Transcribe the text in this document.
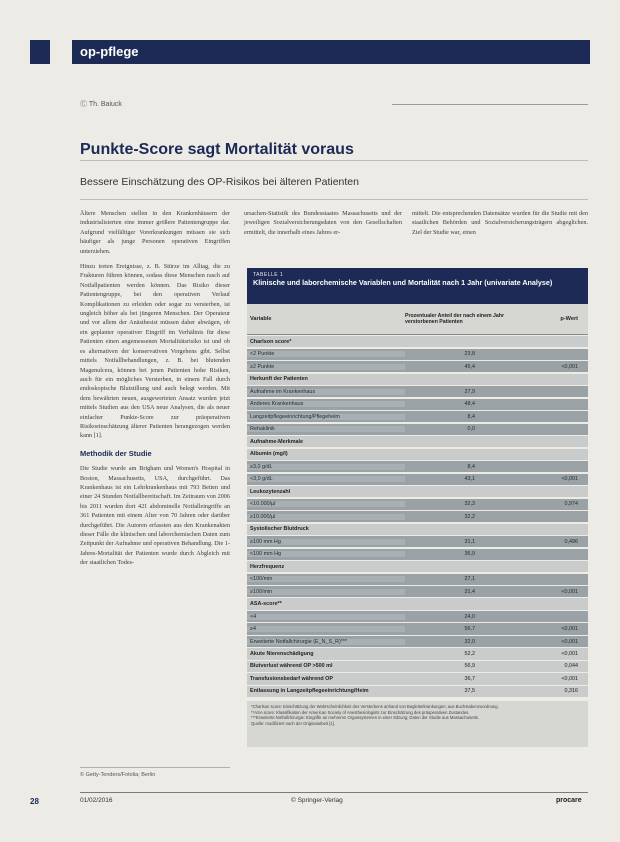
op-pflege
Ⓒ Th. Baiuck
Punkte-Score sagt Mortalität voraus
Bessere Einschätzung des OP-Risikos bei älteren Patienten

Ältere Menschen stellen in den Krankenhäusern der industrialisierten eine immer größere Patientengruppe dar. Aufgrund vielfältiger Vorerkrankungen müssen sie sich häufiger als junge Personen operativen Eingriffen unterziehen.

Hinzu treten Ereignisse, z. B. Stürze im Alltag, die zu Frakturen führen können, sodass diese Menschen rasch auf Notfallpatienten werden können. Das Risiko dieser Patientengruppe, bei den operativen Verlauf Komplikationen zu erleiden oder sogar zu versterben, ist ungleich höher als bei jüngeren Menschen. Der Operateur und vor allem der Anästhesist müssen daher abwägen, ob ein geplanter operativer Eingriff im Verhältnis für diese Patienten einen angemessenen Mortalitätsrisiko ist und ob es alternativen der konservativen Vorgehens gibt. Selbst mittels Notfallbehandlungen, z. B. bei blutenden Magenulcera, können bei jenen Patienten hohe Risiken, auch für ein mögliches Versterben, in einem Fall durch endoskopische Blutstillung und auch belegt werden. Mit dem bewährten neuen, ausgewerteten Ansatz wurden jetzt mittels Studien aus den USA neue Analysen, die als neuer einfacher Punkte-Score zur präoperativen Risikoeinschätzung älterer Patienten herangezogen werden kann [1].

Methodik der Studie

Die Studie wurde am Brigham und Women's Hospital in Boston, Massachusetts, USA, durchgeführt. Das Krankenhaus ist ein Lehrkrankenhaus mit 793 Betten und einer 24 Stunden Notfallbereitschaft. Im Zeitraum von 2006 bis 2011 wurden dort 421 abdominelle Notfalleingriffe an 361 Patienten mit einem Alter von 70 Jahren oder darüber durchgeführt. Die Autoren erfassten aus den Krankenakten dieser Fälle die klinischen und laborchemischen Daten zum Zeitpunkt der Aufnahme und operativen Behandlung. Die 1-Jahres-Mortalität der Patienten wurde durch Abgleich mit der staatlichen Todes-

ursachen-Statistik des Bundesstaates Massachusetts und der jeweiligen Sozialversicherungsdaten von den Gesellschaften ermittelt, die innerhalb eines Jahres er-

mittelt. Die entsprechenden Datensätze wurden für die Studie mit den staatlichen Behörden und Sozialversicherungsträgern abgeglichen. Ziel der Studie war, einen

TABELLE 1
Klinische und laborchemische Variablen und Mortalität nach 1 Jahr (univariate Analyse)
Variable
Prozentualer Anteil der nach einem Jahr verstorbenen Patienten	p-Wert
Charlson score*
<2 Punkte	23,8
≥2 Punkte	45,4	<0,001
Herkunft der Patienten
Aufnahme im Krankenhaus	27,9
Anderes Krankenhaus	48,4
Langzeitpflegeeinrichtung/Pflegeheim	8,4
Rehaklinik	0,0
Aufnahme-Merkmale
Albumin (mg/l)
≥3,0 g/dL	8,4
<3,0 g/dL	43,1	<0,001
Leukozytenzahl
<10.000/µl	32,3	0,974
≥10.000/µl	32,2
Systolischer Blutdruck
≥100 mm Hg	31,1	0,496
<100 mm Hg	36,9
Herzfrequenz
<100/min	27,1
≥100/min	31,4	<0,001
ASA-score**
<4	24,0
≥4	56,7	<0,001
Erweiterte Notfallchirurgie (E_N_S_R)***	32,0	<0,001
Akute Nierenschädigung	52,2	<0,001
Blutverlust während OP >500 ml	56,9	0,044
Transfusionsbedarf während OP	36,7	<0,001
Entlassung in Langzeitpflegeeinrichtung/Heim	37,5	0,316
*Charlson score: Einschätzung der Wahrscheinlichkeit des Versterbens anhand von Begleiterkrankungen; aus Buchstabenzuordnung.
**ASA score: Klassifikation der American Society of Anesthesiologists zur Einschätzung des präoperativen Zustandes.
***Erweiterte Notfallchirurgie: Eingriffe an mehreren Organsystemen in einer Sitzung; Daten der Studie aus Massachusetts.
Quelle: modifiziert nach der Originalarbeit [1].
© Getty-Tenders/Fotolia; Berlin
28	01/02/2016	© Springer-Verlag	procare
